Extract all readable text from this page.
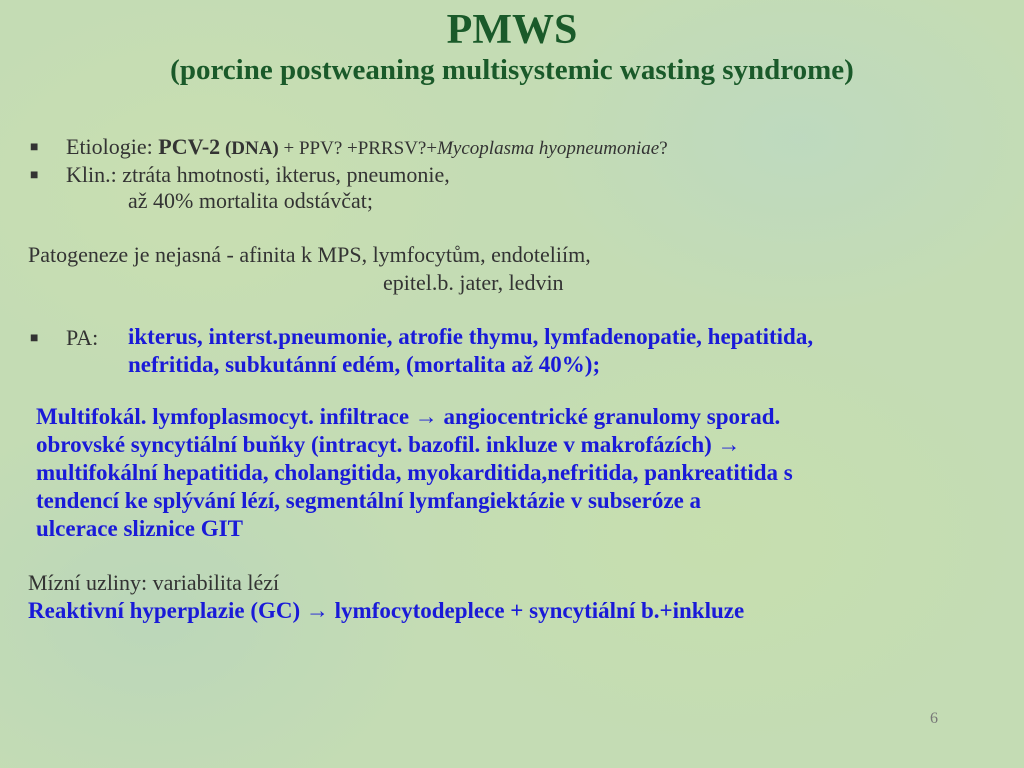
PMWS
(porcine postweaning multisystemic wasting syndrome)
■ Etiologie: PCV-2 (DNA) + PPV? +PRRSV?+Mycoplasma hyopneumoniae?
■ Klin.: ztráta hmotnosti, ikterus, pneumonie,
až 40% mortalita odstávčat;
Patogeneze je nejasná - afinita k MPS, lymfocytům, endoteliím,
epitel.b. jater, ledvin
■ PA: ikterus, interst.pneumonie, atrofie thymu, lymfadenopatie, hepatitida,
nefritida, subkutánní edém, (mortalita až 40%);
Multifokál. lymfoplasmocyt. infiltrace → angiocentrické granulomy sporad.
obrovské syncytiální buňky (intracyt. bazofil. inkluze v makrofázích) →
multifokální hepatitida, cholangitida, myokarditida,nefritida, pankreatitida s
tendencí ke splývání lézí, segmentální lymfangiektázie v subseróze a
ulcerace sliznice GIT
Mízní uzliny: variabilita lézí
Reaktivní hyperplazie (GC) → lymfocytodeplece + syncytiální b.+inkluze
6
